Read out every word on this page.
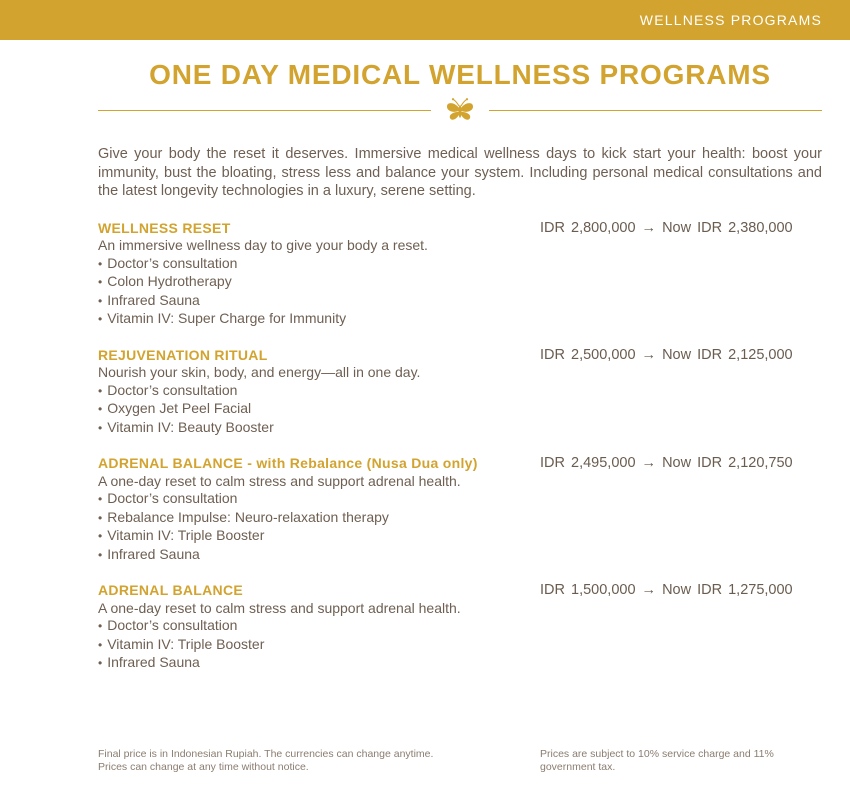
WELLNESS PROGRAMS
ONE DAY MEDICAL WELLNESS PROGRAMS

Give your body the reset it deserves. Immersive medical wellness days to kick start your health: boost your immunity, bust the bloating, stress less and balance your system. Including personal medical consultations and the latest longevity technologies in a luxury, serene setting.

WELLNESS RESET

An immersive wellness day to give your body a reset.

• Doctor’s consultation
• Colon Hydrotherapy
• Infrared Sauna
• Vitamin IV: Super Charge for Immunity
IDR 2,800,000 → Now IDR 2,380,000
REJUVENATION RITUAL

Nourish your skin, body, and energy—all in one day.

• Doctor’s consultation
• Oxygen Jet Peel Facial
• Vitamin IV: Beauty Booster
IDR 2,500,000 → Now IDR 2,125,000
ADRENAL BALANCE - with Rebalance (Nusa Dua only)

A one-day reset to calm stress and support adrenal health.

• Doctor’s consultation
• Rebalance Impulse: Neuro-relaxation therapy
• Vitamin IV: Triple Booster
• Infrared Sauna
IDR 2,495,000 → Now IDR 2,120,750
ADRENAL BALANCE

A one-day reset to calm stress and support adrenal health.

• Doctor’s consultation
• Vitamin IV: Triple Booster
• Infrared Sauna
IDR 1,500,000 → Now IDR 1,275,000

Final price is in Indonesian Rupiah. The currencies can change anytime.

Prices can change at any time without notice.

Prices are subject to 10% service charge and 11% government tax.
